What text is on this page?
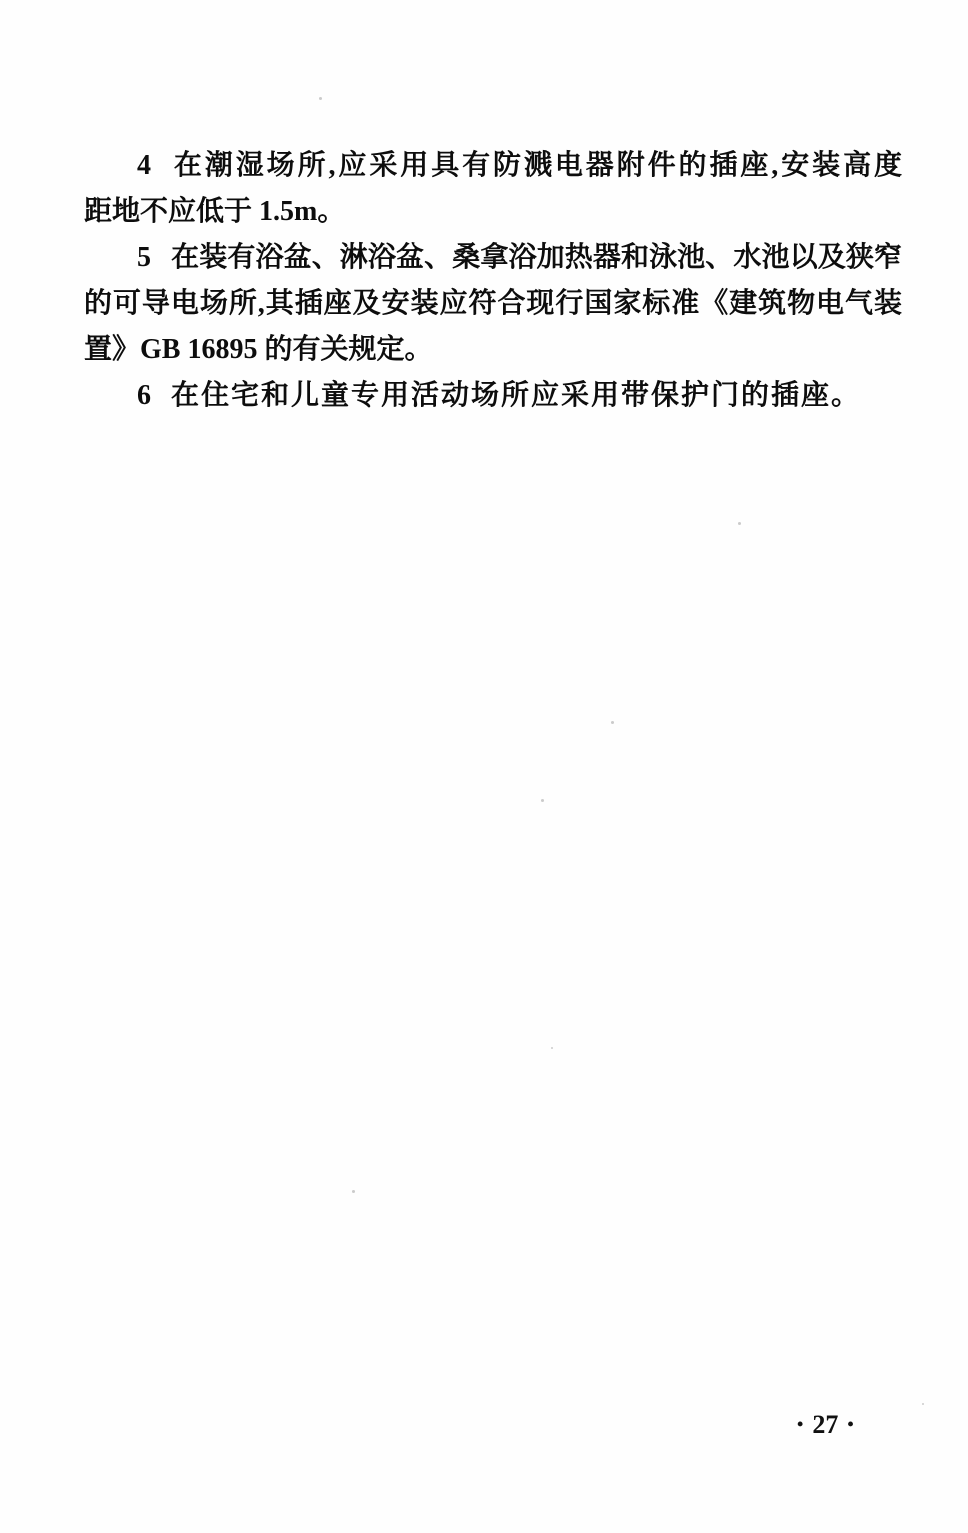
4 在潮湿场所,应采用具有防溅电器附件的插座,安装高度
距地不应低于 1.5m。
5 在装有浴盆、淋浴盆、桑拿浴加热器和泳池、水池以及狭窄
的可导电场所,其插座及安装应符合现行国家标准《建筑物电气装
置》GB 16895 的有关规定。
6 在住宅和儿童专用活动场所应采用带保护门的插座。
• 27 •
